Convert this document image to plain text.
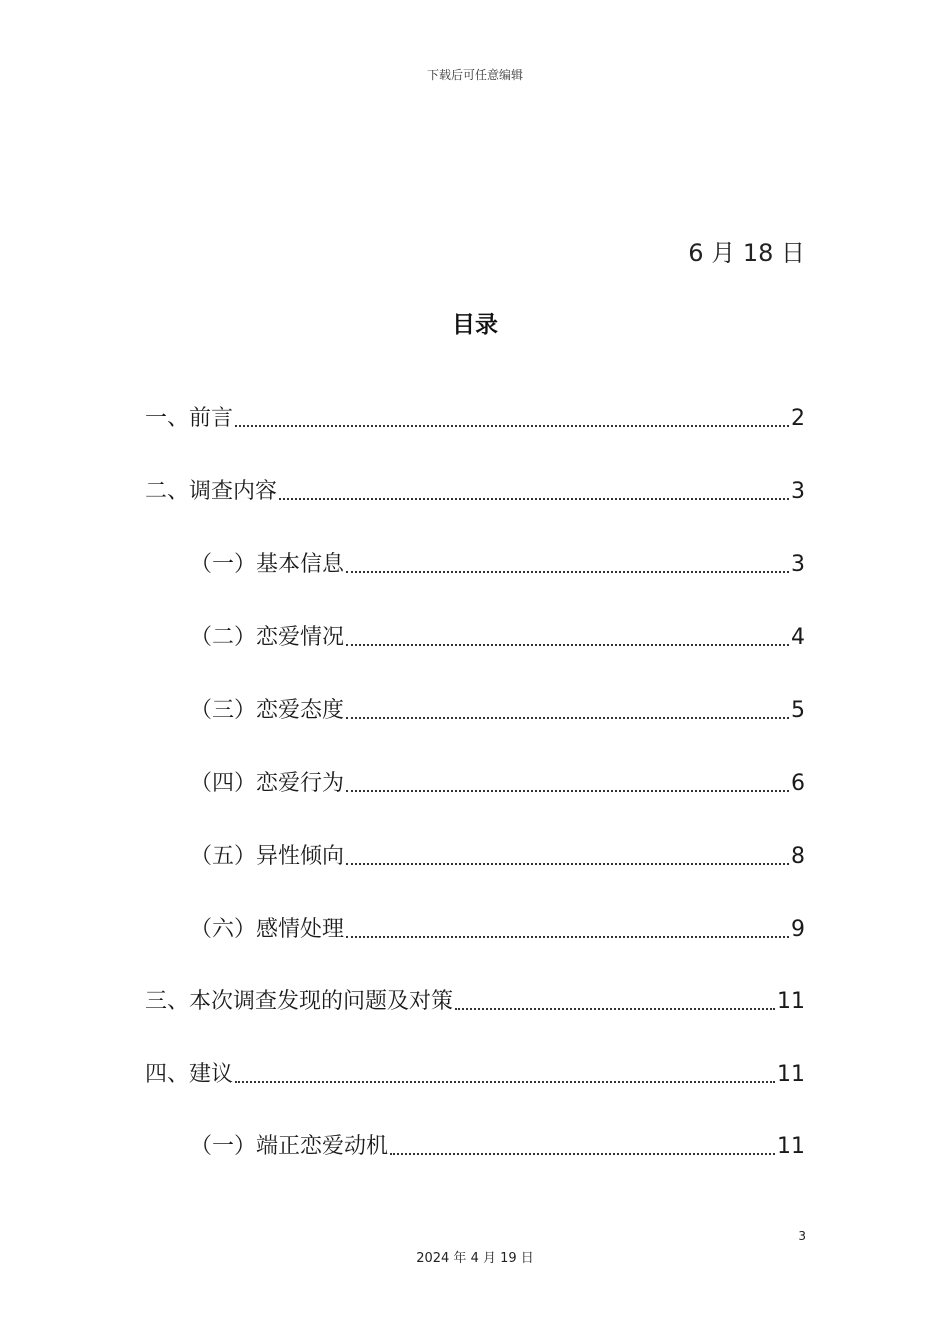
下载后可任意编辑
6 月 18 日
目录
一、前言	2
二、调查内容	3
（一）基本信息	3
（二）恋爱情况	4
（三）恋爱态度	5
（四）恋爱行为	6
（五）异性倾向	8
（六）感情处理	9
三、本次调查发现的问题及对策	11
四、建议	11
（一）端正恋爱动机	11
3
2024 年 4 月 19 日
